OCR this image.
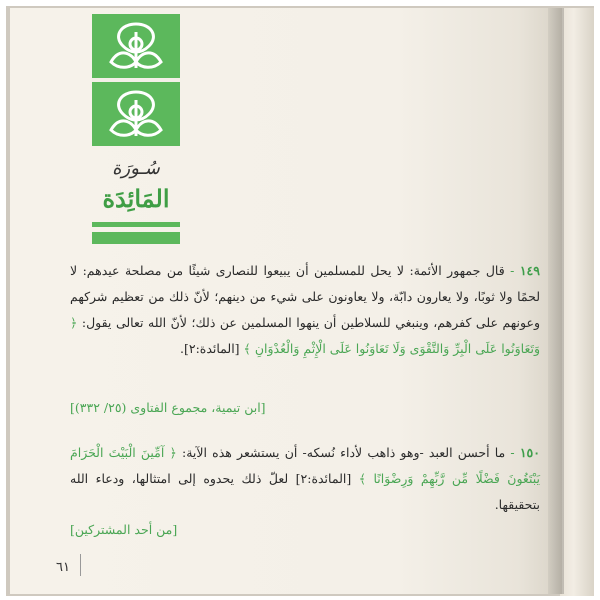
سُـورَة
المَائِدَة
١٤٩ - قال جمهور الأئمة: لا يحل للمسلمين أن يبيعوا للنصارى شيئًا من مصلحة عيدهم: لا لحمًا ولا ثوبًا، ولا يعارون دابّة، ولا يعاونون على شيء من دينهم؛ لأنّ ذلك من تعظيم شركهم وعونهم على كفرهم، وينبغي للسلاطين أن ينهوا المسلمين عن ذلك؛ لأنّ الله تعالى يقول: ﴿ وَتَعَاوَنُوا عَلَى الْبِرِّ وَالتَّقْوَى وَلَا تَعَاوَنُوا عَلَى الْإِثْمِ وَالْعُدْوَانِ ﴾ [المائدة:٢].
[ابن تيمية، مجموع الفتاوى (٢٥/ ٣٣٢)]
١٥٠ - ما أحسن العبد -وهو ذاهب لأداء نُسكه- أن يستشعر هذه الآية: ﴿ آمِّينَ الْبَيْتَ الْحَرَامَ يَبْتَغُونَ فَضْلًا مِّن رَّبِّهِمْ وَرِضْوَانًا ﴾ [المائدة:٢] لعلّ ذلك يحدوه إلى امتثالها، ودعاء الله بتحقيقها.
[من أحد المشتركين]
٦١
